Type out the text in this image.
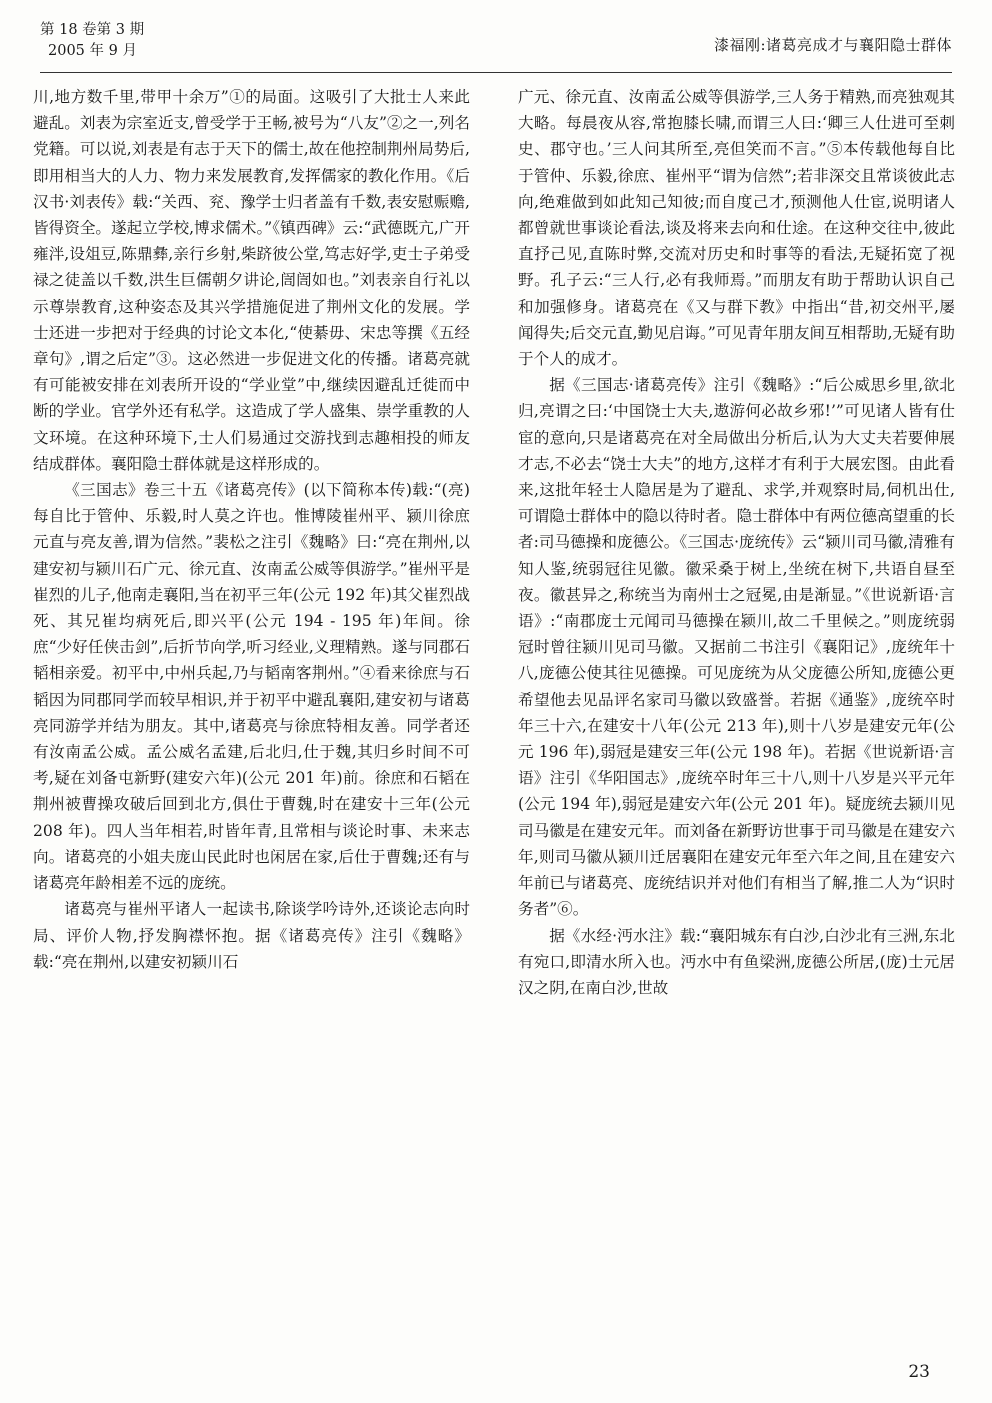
第 18 卷第 3 期
2005 年 9 月	漆福刚:诸葛亮成才与襄阳隐士群体

川,地方数千里,带甲十余万”①的局面。这吸引了大批士人来此避乱。刘表为宗室近支,曾受学于王畅,被号为“八友”②之一,列名党籍。可以说,刘表是有志于天下的儒士,故在他控制荆州局势后,即用相当大的人力、物力来发展教育,发挥儒家的教化作用。《后汉书·刘表传》载:“关西、兖、豫学士归者盖有千数,表安慰赈赡,皆得资全。遂起立学校,博求儒术。”《镇西碑》云:“武德既亢,广开雍泮,设俎豆,陈鼎彝,亲行乡射,柴跻彼公堂,笃志好学,吏士子弟受禄之徒盖以千数,洪生巨儒朝夕讲论,訚訚如也。”刘表亲自行礼以示尊崇教育,这种姿态及其兴学措施促进了荆州文化的发展。学士还进一步把对于经典的讨论文本化,“使綦毋、宋忠等撰《五经章句》,谓之后定”③。这必然进一步促进文化的传播。诸葛亮就有可能被安排在刘表所开设的“学业堂”中,继续因避乱迁徙而中断的学业。官学外还有私学。这造成了学人盛集、崇学重教的人文环境。在这种环境下,士人们易通过交游找到志趣相投的师友结成群体。襄阳隐士群体就是这样形成的。

《三国志》卷三十五《诸葛亮传》(以下简称本传)载:“(亮)每自比于管仲、乐毅,时人莫之许也。惟博陵崔州平、颍川徐庶元直与亮友善,谓为信然。”裴松之注引《魏略》曰:“亮在荆州,以建安初与颍川石广元、徐元直、汝南孟公威等俱游学。”崔州平是崔烈的儿子,他南走襄阳,当在初平三年(公元 192 年)其父崔烈战死、其兄崔均病死后,即兴平(公元 194 - 195 年)年间。徐庶“少好任侠击剑”,后折节向学,听习经业,义理精熟。遂与同郡石韬相亲爱。初平中,中州兵起,乃与韬南客荆州。”④看来徐庶与石韬因为同郡同学而较早相识,并于初平中避乱襄阳,建安初与诸葛亮同游学并结为朋友。其中,诸葛亮与徐庶特相友善。同学者还有汝南孟公威。孟公威名孟建,后北归,仕于魏,其归乡时间不可考,疑在刘备屯新野(建安六年)(公元 201 年)前。徐庶和石韬在荆州被曹操攻破后回到北方,俱仕于曹魏,时在建安十三年(公元 208 年)。四人当年相若,时皆年青,且常相与谈论时事、未来志向。诸葛亮的小姐夫庞山民此时也闲居在家,后仕于曹魏;还有与诸葛亮年龄相差不远的庞统。

诸葛亮与崔州平诸人一起读书,除谈学吟诗外,还谈论志向时局、评价人物,抒发胸襟怀抱。据《诸葛亮传》注引《魏略》载:“亮在荆州,以建安初颍川石

广元、徐元直、汝南孟公威等俱游学,三人务于精熟,而亮独观其大略。每晨夜从容,常抱膝长啸,而谓三人曰:‘卿三人仕进可至刺史、郡守也。’三人问其所至,亮但笑而不言。”⑤本传载他每自比于管仲、乐毅,徐庶、崔州平“谓为信然”;若非深交且常谈彼此志向,绝难做到如此知己知彼;而自度己才,预测他人仕宦,说明诸人都曾就世事谈论看法,谈及将来去向和仕途。在这种交往中,彼此直抒己见,直陈时弊,交流对历史和时事等的看法,无疑拓宽了视野。孔子云:“三人行,必有我师焉。”而朋友有助于帮助认识自己和加强修身。诸葛亮在《又与群下教》中指出“昔,初交州平,屡闻得失;后交元直,勤见启诲。”可见青年朋友间互相帮助,无疑有助于个人的成才。

据《三国志·诸葛亮传》注引《魏略》:“后公威思乡里,欲北归,亮谓之曰:‘中国饶士大夫,遨游何必故乡邪!’”可见诸人皆有仕宦的意向,只是诸葛亮在对全局做出分析后,认为大丈夫若要伸展才志,不必去“饶士大夫”的地方,这样才有利于大展宏图。由此看来,这批年轻士人隐居是为了避乱、求学,并观察时局,伺机出仕,可谓隐士群体中的隐以待时者。隐士群体中有两位德高望重的长者:司马德操和庞德公。《三国志·庞统传》云“颍川司马徽,清雅有知人鉴,统弱冠往见徽。徽采桑于树上,坐统在树下,共语自昼至夜。徽甚异之,称统当为南州士之冠冕,由是渐显。”《世说新语·言语》:“南郡庞士元闻司马德操在颍川,故二千里候之。”则庞统弱冠时曾往颍川见司马徽。又据前二书注引《襄阳记》,庞统年十八,庞德公使其往见德操。可见庞统为从父庞德公所知,庞德公更希望他去见品评名家司马徽以致盛誉。若据《通鉴》,庞统卒时年三十六,在建安十八年(公元 213 年),则十八岁是建安元年(公元 196 年),弱冠是建安三年(公元 198 年)。若据《世说新语·言语》注引《华阳国志》,庞统卒时年三十八,则十八岁是兴平元年(公元 194 年),弱冠是建安六年(公元 201 年)。疑庞统去颍川见司马徽是在建安元年。而刘备在新野访世事于司马徽是在建安六年,则司马徽从颍川迁居襄阳在建安元年至六年之间,且在建安六年前已与诸葛亮、庞统结识并对他们有相当了解,推二人为“识时务者”⑥。

据《水经·沔水注》载:“襄阳城东有白沙,白沙北有三洲,东北有宛口,即清水所入也。沔水中有鱼梁洲,庞德公所居,(庞)士元居汉之阴,在南白沙,世故

23
